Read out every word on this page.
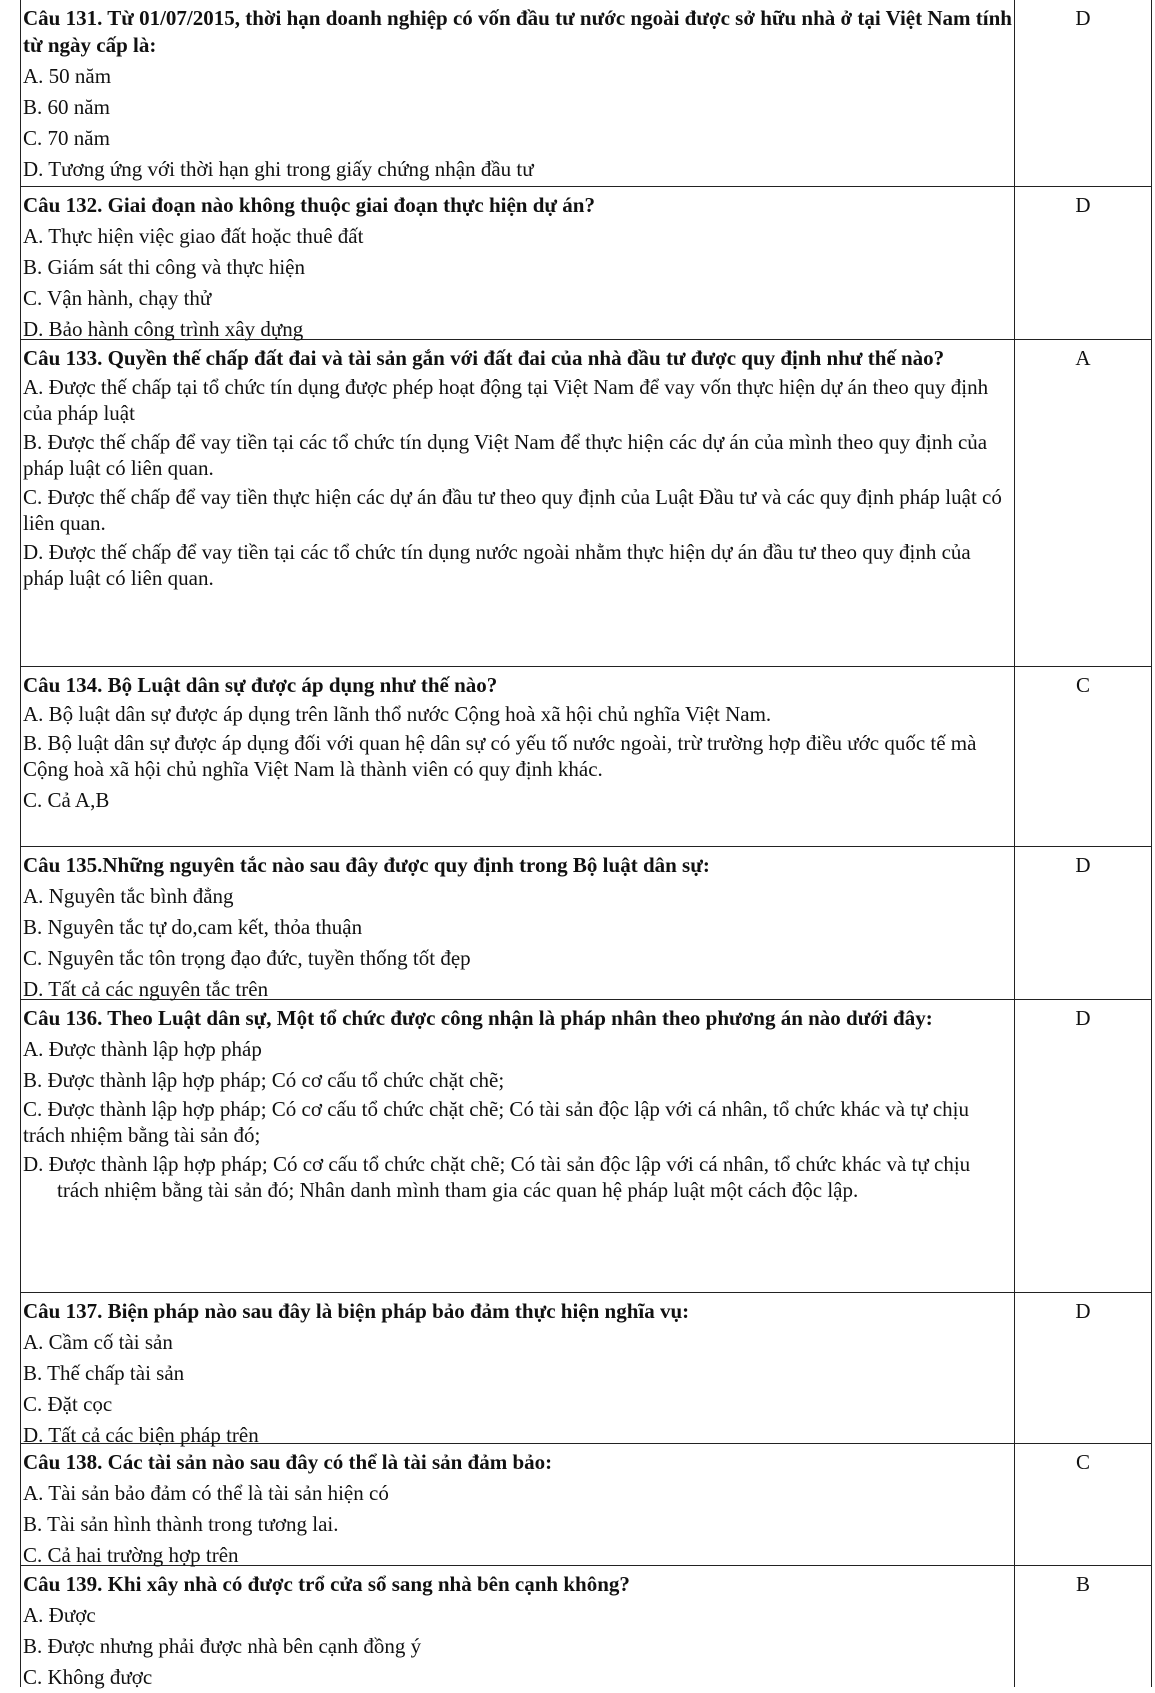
Câu 131. Từ 01/07/2015, thời hạn doanh nghiệp có vốn đầu tư nước ngoài được sở hữu nhà ở tại Việt Nam tính từ ngày cấp là:

A. 50 năm

B. 60 năm

C. 70 năm

D. Tương ứng với thời hạn ghi trong giấy chứng nhận đầu tư

D

Câu 132. Giai đoạn nào không thuộc giai đoạn thực hiện dự án?

A. Thực hiện việc giao đất hoặc thuê đất

B. Giám sát thi công và thực hiện

C. Vận hành, chạy thử

D. Bảo hành công trình xây dựng

D

Câu 133. Quyền thế chấp đất đai và tài sản gắn với đất đai của nhà đầu tư được quy định như thế nào?

A. Được thế chấp tại tổ chức tín dụng được phép hoạt động tại Việt Nam để vay vốn thực hiện dự án theo quy định của pháp luật

B. Được thế chấp để vay tiền tại các tổ chức tín dụng Việt Nam để thực hiện các dự án của mình theo quy định của pháp luật có liên quan.

C. Được thế chấp để vay tiền thực hiện các dự án đầu tư theo quy định của Luật Đầu tư và các quy định pháp luật có liên quan.

D. Được thế chấp để vay tiền tại các tổ chức tín dụng nước ngoài nhằm thực hiện dự án đầu tư theo quy định của pháp luật có liên quan.

A

Câu 134. Bộ Luật dân sự được áp dụng như thế nào?

A. Bộ luật dân sự được áp dụng trên lãnh thổ nước Cộng hoà xã hội chủ nghĩa Việt Nam.

B. Bộ luật dân sự được áp dụng đối với quan hệ dân sự có yếu tố nước ngoài, trừ trường hợp điều ước quốc tế mà Cộng hoà xã hội chủ nghĩa Việt Nam là thành viên có quy định khác.

C. Cả A,B

C

Câu 135.Những nguyên tắc nào sau đây được quy định trong Bộ luật dân sự:

A. Nguyên tắc bình đẳng

B. Nguyên tắc tự do,cam kết, thỏa thuận

C. Nguyên tắc tôn trọng đạo đức, tuyền thống tốt đẹp

D. Tất cả các nguyên tắc trên

D

Câu 136. Theo Luật dân sự, Một tổ chức được công nhận là pháp nhân theo phương án nào dưới đây:

A. Được thành lập hợp pháp

B. Được thành lập hợp pháp; Có cơ cấu tổ chức chặt chẽ;

C. Được thành lập hợp pháp; Có cơ cấu tổ chức chặt chẽ; Có tài sản độc lập với cá nhân, tổ chức khác và tự chịu trách nhiệm bằng tài sản đó;

D. Được thành lập hợp pháp; Có cơ cấu tổ chức chặt chẽ; Có tài sản độc lập với cá nhân, tổ chức khác và tự chịu trách nhiệm bằng tài sản đó; Nhân danh mình tham gia các quan hệ pháp luật một cách độc lập.

D

Câu 137. Biện pháp nào sau đây là biện pháp bảo đảm thực hiện nghĩa vụ:

A. Cầm cố tài sản

B. Thế chấp tài sản

C. Đặt cọc

D. Tất cả các biện pháp trên

D

Câu 138. Các tài sản nào sau đây có thể là tài sản đảm bảo:

A. Tài sản bảo đảm có thể là tài sản hiện có

B. Tài sản hình thành trong tương lai.

C. Cả hai trường hợp trên

C

Câu 139. Khi xây nhà có được trổ cửa sổ sang nhà bên cạnh không?

A. Được

B. Được nhưng phải được nhà bên cạnh đồng ý

C. Không được

B
